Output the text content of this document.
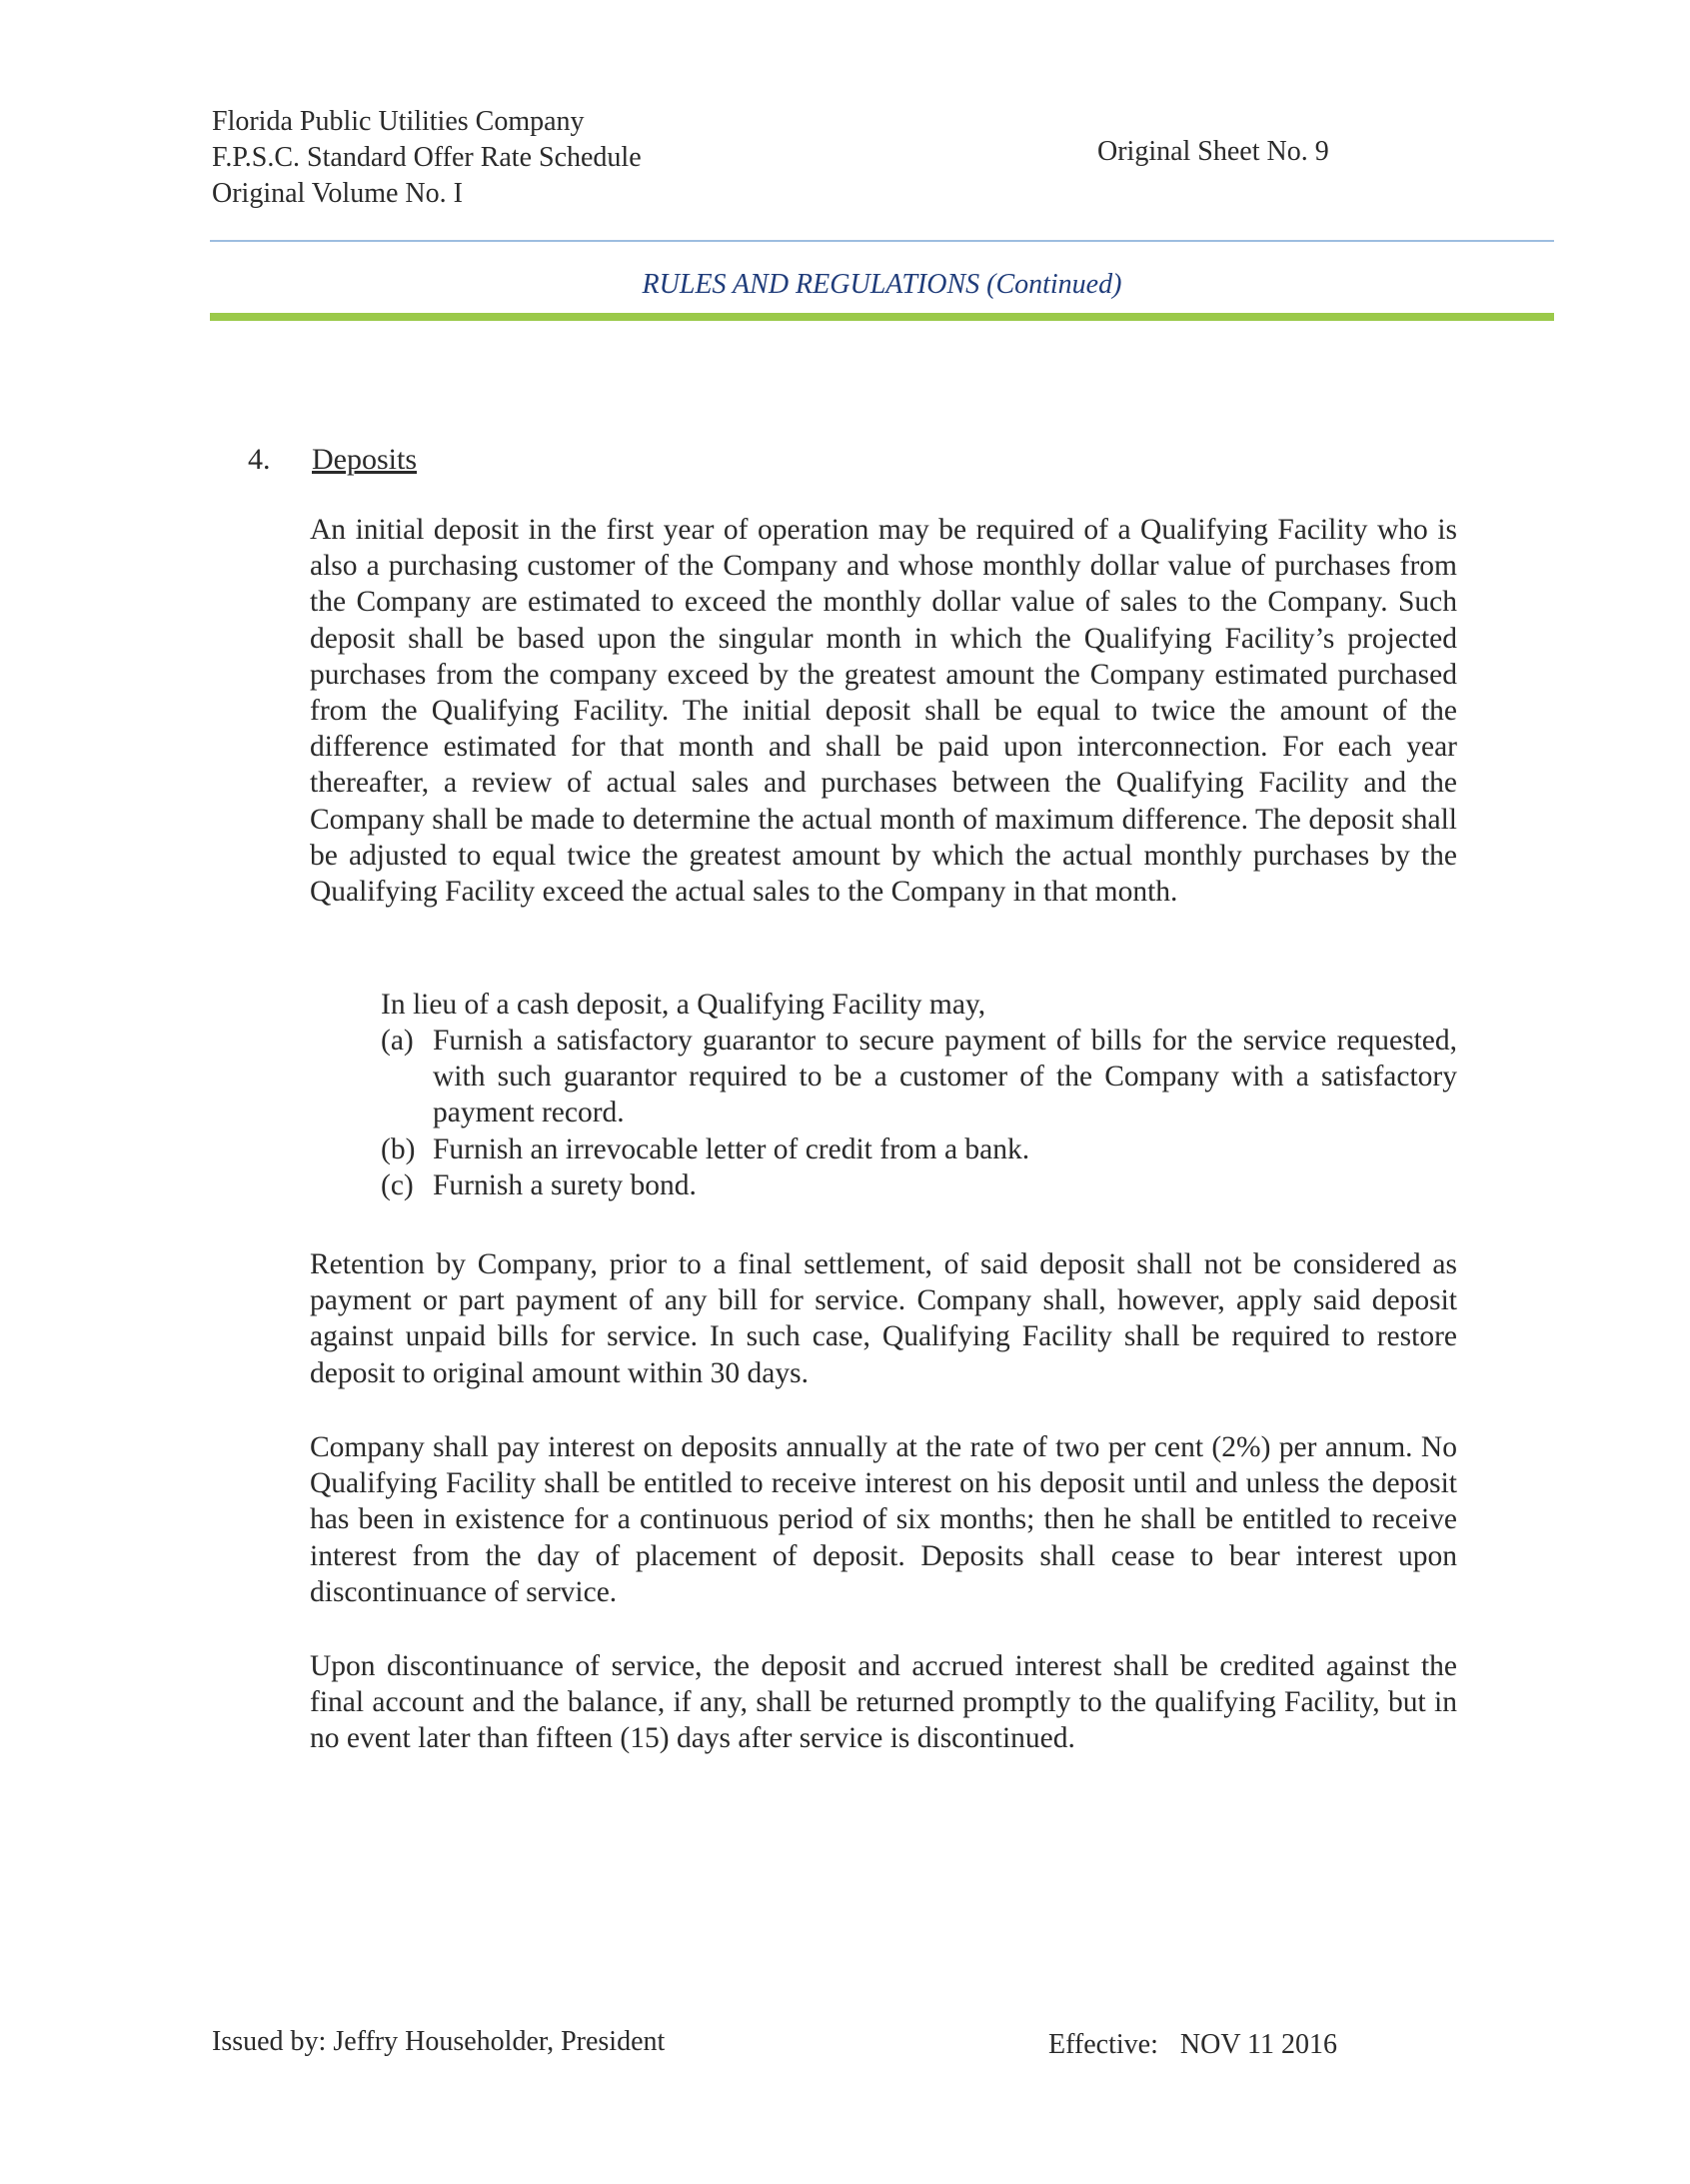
Florida Public Utilities Company
F.P.S.C. Standard Offer Rate Schedule
Original Volume No. I
Original Sheet No. 9
RULES AND REGULATIONS (Continued)
4. Deposits

An initial deposit in the first year of operation may be required of a Qualifying Facility who is also a purchasing customer of the Company and whose monthly dollar value of purchases from the Company are estimated to exceed the monthly dollar value of sales to the Company. Such deposit shall be based upon the singular month in which the Qualifying Facility’s projected purchases from the company exceed by the greatest amount the Company estimated purchased from the Qualifying Facility. The initial deposit shall be equal to twice the amount of the difference estimated for that month and shall be paid upon interconnection. For each year thereafter, a review of actual sales and purchases between the Qualifying Facility and the Company shall be made to determine the actual month of maximum difference. The deposit shall be adjusted to equal twice the greatest amount by which the actual monthly purchases by the Qualifying Facility exceed the actual sales to the Company in that month.

In lieu of a cash deposit, a Qualifying Facility may,
(a) Furnish a satisfactory guarantor to secure payment of bills for the service requested, with such guarantor required to be a customer of the Company with a satisfactory payment record.
(b) Furnish an irrevocable letter of credit from a bank.
(c) Furnish a surety bond.

Retention by Company, prior to a final settlement, of said deposit shall not be considered as payment or part payment of any bill for service. Company shall, however, apply said deposit against unpaid bills for service. In such case, Qualifying Facility shall be required to restore deposit to original amount within 30 days.

Company shall pay interest on deposits annually at the rate of two per cent (2%) per annum. No Qualifying Facility shall be entitled to receive interest on his deposit until and unless the deposit has been in existence for a continuous period of six months; then he shall be entitled to receive interest from the day of placement of deposit. Deposits shall cease to bear interest upon discontinuance of service.

Upon discontinuance of service, the deposit and accrued interest shall be credited against the final account and the balance, if any, shall be returned promptly to the qualifying Facility, but in no event later than fifteen (15) days after service is discontinued.

Issued by: Jeffry Householder, President	Effective: NOV 11 2016
